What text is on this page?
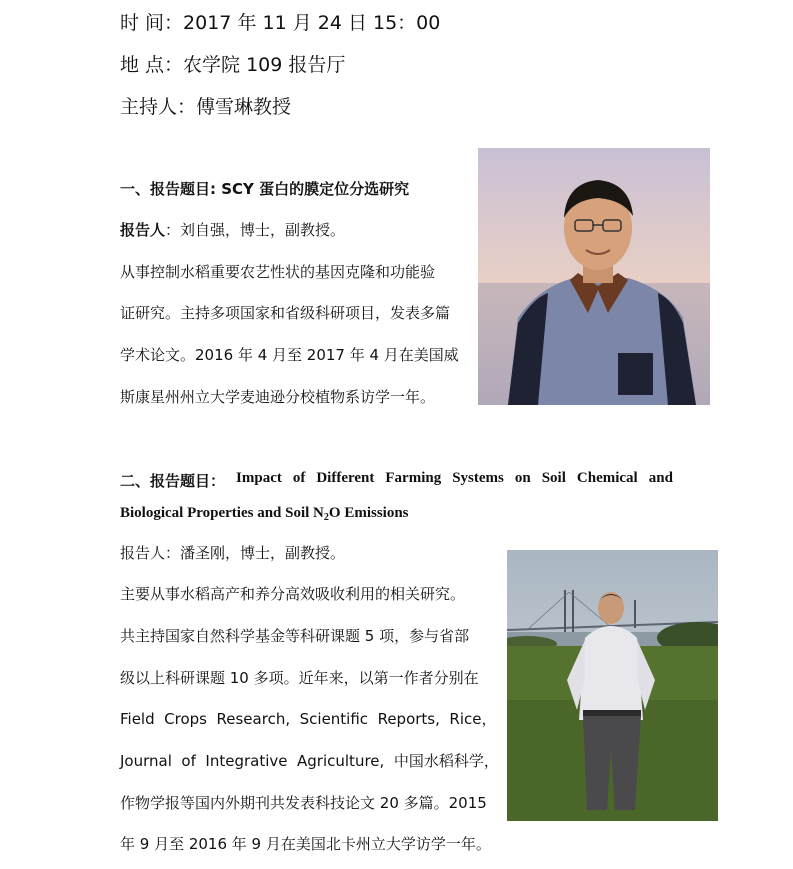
时 间：2017 年 11 月 24 日 15：00
地 点：农学院 109 报告厅
主持人：傅雪琳教授
一、报告题目: SCY 蛋白的膜定位分选研究
报告人：刘自强，博士，副教授。
从事控制水稻重要农艺性状的基因克隆和功能验
证研究。主持多项国家和省级科研项目，发表多篇
学术论文。2016 年 4 月至 2017 年 4 月在美国威
斯康星州州立大学麦迪逊分校植物系访学一年。
二、报告题目： Impact of Different Farming Systems on Soil Chemical and
Biological Properties and Soil $N_2O$ Emissions
报告人：潘圣刚，博士，副教授。
主要从事水稻高产和养分高效吸收利用的相关研究。
共主持国家自然科学基金等科研课题 5 项，参与省部
级以上科研课题 10 多项。近年来，以第一作者分别在
Field  Crops  Research,  Scientific  Reports,  Rice，
Journal  of  Integrative  Agriculture,  中国水稻科学，
作物学报等国内外期刊共发表科技论文 20 多篇。2015
年 9 月至 2016 年 9 月在美国北卡州立大学访学一年。
